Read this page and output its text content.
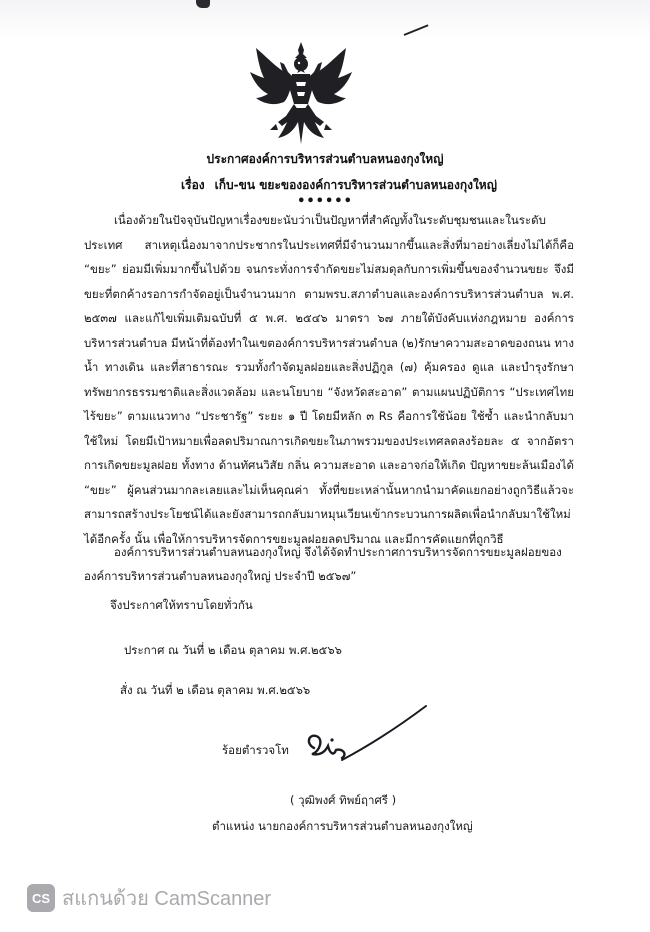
ประกาศองค์การบริหารส่วนตำบลหนองกุงใหญ่
เรื่อง เก็บ-ขน ขยะขององค์การบริหารส่วนตำบลหนองกุงใหญ่
••••••

เนื่องด้วยในปัจจุบันปัญหาเรื่องขยะนับว่าเป็นปัญหาที่สำคัญทั้งในระดับชุมชนและในระดับประเทศ สาเหตุเนื่องมาจากประชากรในประเทศที่มีจำนวนมากขึ้นและสิ่งที่มาอย่างเลี่ยงไม่ได้ก็คือ “ขยะ” ย่อมมีเพิ่มมากขึ้นไปด้วย จนกระทั่งการจำกัดขยะไม่สมดุลกับการเพิ่มขึ้นของจำนวนขยะ จึงมีขยะที่ตกค้างรอการกำจัดอยู่เป็นจำนวนมาก ตามพรบ.สภาตำบลและองค์การบริหารส่วนตำบล พ.ศ. ๒๕๓๗ และแก้ไขเพิ่มเติมฉบับที่ ๕ พ.ศ. ๒๕๔๖ มาตรา ๖๗ ภายใต้บังคับแห่งกฎหมาย องค์การบริหารส่วนตำบล มีหน้าที่ต้องทำในเขตองค์การบริหารส่วนตำบล (๒)รักษาความสะอาดของถนน ทางน้ำ ทางเดิน และที่สาธารณะ รวมทั้งกำจัดมูลฝอยและสิ่งปฏิกูล (๗) คุ้มครอง ดูแล และบำรุงรักษาทรัพยากรธรรมชาติและสิ่งแวดล้อม และนโยบาย “จังหวัดสะอาด” ตามแผนปฏิบัติการ “ประเทศไทยไร้ขยะ” ตามแนวทาง “ประชารัฐ” ระยะ ๑ ปี โดยมีหลัก ๓ Rs คือการใช้น้อย ใช้ซ้ำ และนำกลับมาใช้ใหม่ โดยมีเป้าหมายเพื่อลดปริมาณการเกิดขยะในภาพรวมของประเทศลดลงร้อยละ ๕ จากอัตราการเกิดขยะมูลฝอย ทั้งทาง ด้านทัศนวิสัย กลิ่น ความสะอาด และอาจก่อให้เกิด ปัญหาขยะล้นเมืองได้ “ขยะ” ผู้คนส่วนมากละเลยและไม่เห็นคุณค่า ทั้งที่ขยะเหล่านั้นหากนำมาคัดแยกอย่างถูกวิธีแล้วจะสามารถสร้างประโยชน์ได้และยังสามารถกลับมาหมุนเวียนเข้ากระบวนการผลิตเพื่อนำกลับมาใช้ใหม่ได้อีกครั้ง นั้น เพื่อให้การบริหารจัดการขยะมูลฝอยลดปริมาณ และมีการคัดแยกที่ถูกวิธี

องค์การบริหารส่วนตำบลหนองกุงใหญ่ จึงได้จัดทำประกาศการบริหารจัดการขยะมูลฝอยขององค์การบริหารส่วนตำบลหนองกุงใหญ่ ประจำปี ๒๕๖๗”

จึงประกาศให้ทราบโดยทั่วกัน
ประกาศ ณ วันที่ ๒ เดือน ตุลาคม พ.ศ.๒๕๖๖
สั่ง ณ วันที่ ๒ เดือน ตุลาคม พ.ศ.๒๕๖๖
ร้อยตำรวจโท
( วุฒิพงศ์ ทิพย์ฤาศรี )
ตำแหน่ง นายกองค์การบริหารส่วนตำบลหนองกุงใหญ่
CS สแกนด้วย CamScanner
